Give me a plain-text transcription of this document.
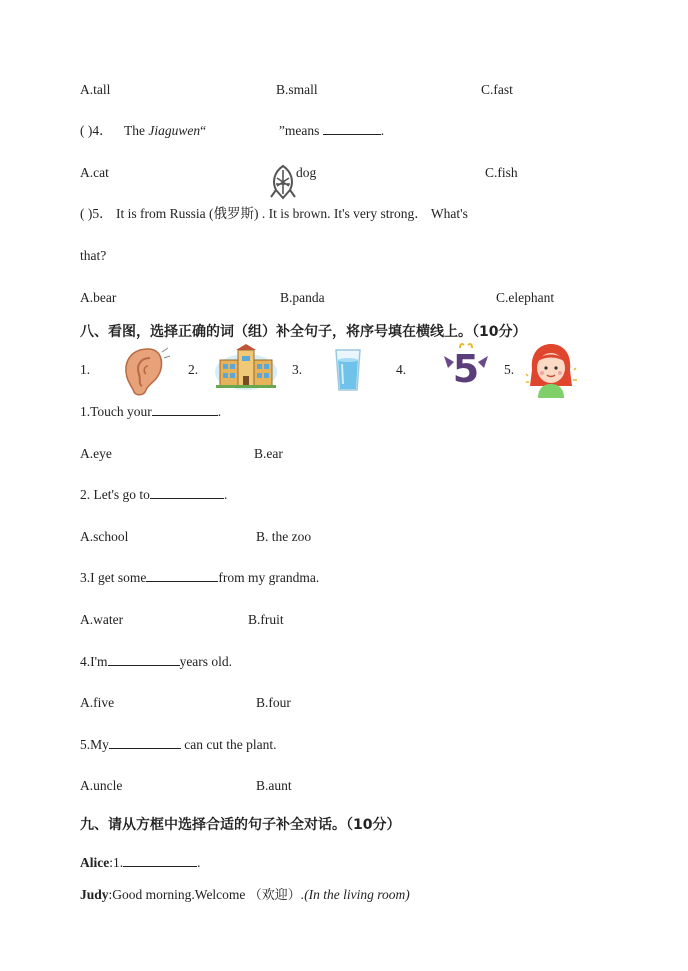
A.tall	B.small	C.fast
( )4． The Jiaguwen“	”means	.
A.cat	dog	C.fish
( )5． It is from Russia (俄罗斯) . It is brown. It's very strong． What's
that?
A.bear	B.panda	C.elephant
八、看图，选择正确的词（组）补全句子，将序号填在横线上。（10分）
1.	2.	3.	4.	5.
5
1.Touch your	.
A.eye	B.ear
2. Let's go to	.
A.school	B. the zoo
3.I get some	from my grandma.
A.water	B.fruit
4.I'm	years old.
A.five	B.four
5.My	can cut the plant.
A.uncle	B.aunt
九、请从方框中选择合适的句子补全对话。（10分）
Alice:1.	.
Judy:Good morning.Welcome （欢迎）.(In the living room)
